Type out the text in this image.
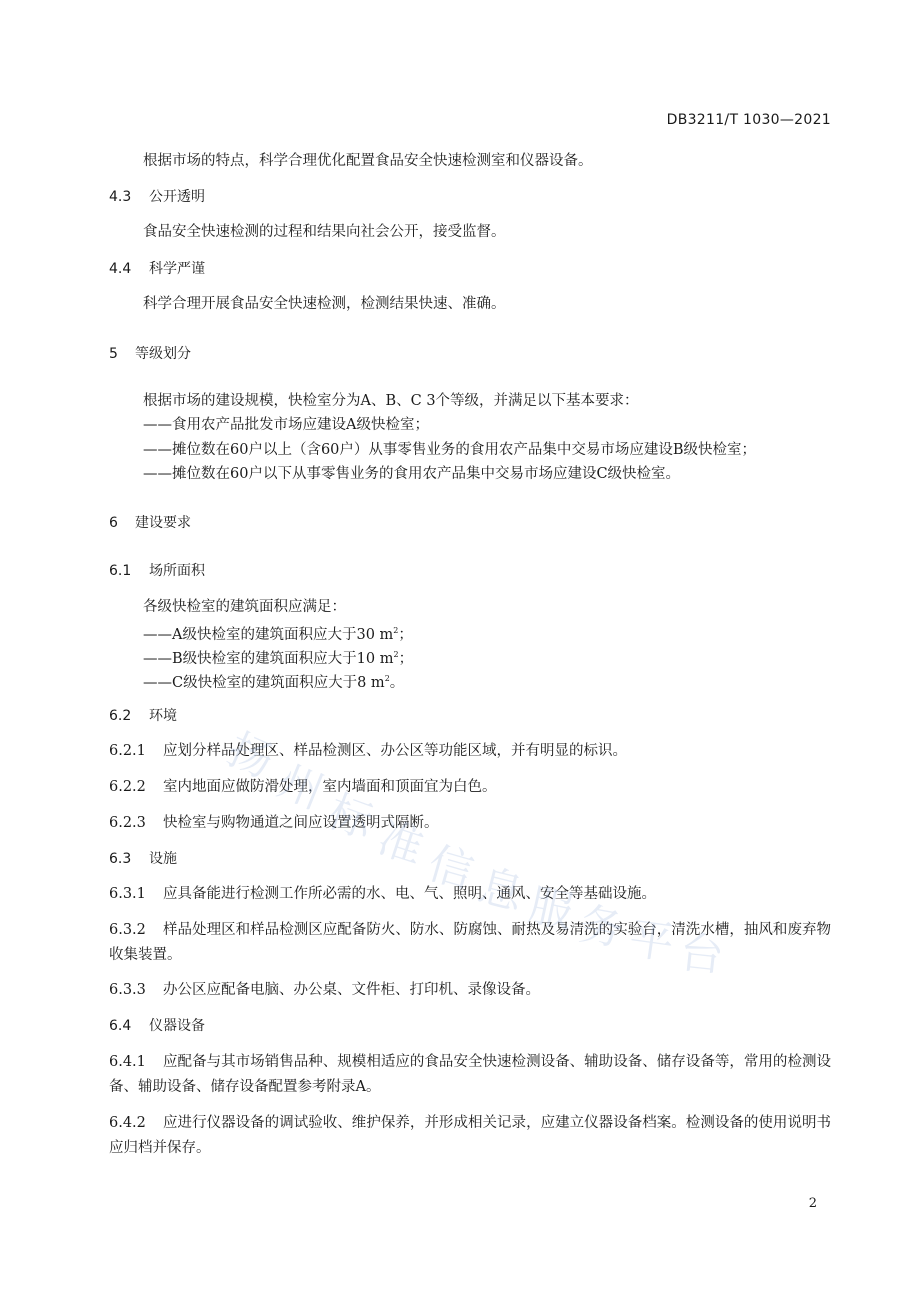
DB3211/T 1030—2021
根据市场的特点，科学合理优化配置食品安全快速检测室和仪器设备。
4.3 公开透明
食品安全快速检测的过程和结果向社会公开，接受监督。
4.4 科学严谨
科学合理开展食品安全快速检测，检测结果快速、准确。
5 等级划分
根据市场的建设规模，快检室分为A、B、C 3个等级，并满足以下基本要求：
——食用农产品批发市场应建设A级快检室；
——摊位数在60户以上（含60户）从事零售业务的食用农产品集中交易市场应建设B级快检室；
——摊位数在60户以下从事零售业务的食用农产品集中交易市场应建设C级快检室。
6 建设要求
6.1 场所面积
各级快检室的建筑面积应满足：
——A级快检室的建筑面积应大于30 $m^2$；
——B级快检室的建筑面积应大于10 $m^2$；
——C级快检室的建筑面积应大于8 $m^2$。
6.2 环境
6.2.1 应划分样品处理区、样品检测区、办公区等功能区域，并有明显的标识。
6.2.2 室内地面应做防滑处理，室内墙面和顶面宜为白色。
6.2.3 快检室与购物通道之间应设置透明式隔断。
6.3 设施
6.3.1 应具备能进行检测工作所必需的水、电、气、照明、通风、安全等基础设施。
6.3.2 样品处理区和样品检测区应配备防火、防水、防腐蚀、耐热及易清洗的实验台，清洗水槽，抽风和废弃物收集装置。
6.3.3 办公区应配备电脑、办公桌、文件柜、打印机、录像设备。
6.4 仪器设备
6.4.1 应配备与其市场销售品种、规模相适应的食品安全快速检测设备、辅助设备、储存设备等，常用的检测设备、辅助设备、储存设备配置参考附录A。
6.4.2 应进行仪器设备的调试验收、维护保养，并形成相关记录，应建立仪器设备档案。检测设备的使用说明书应归档并保存。
2
扬
州
标
准
信
息
服
务
平 台
